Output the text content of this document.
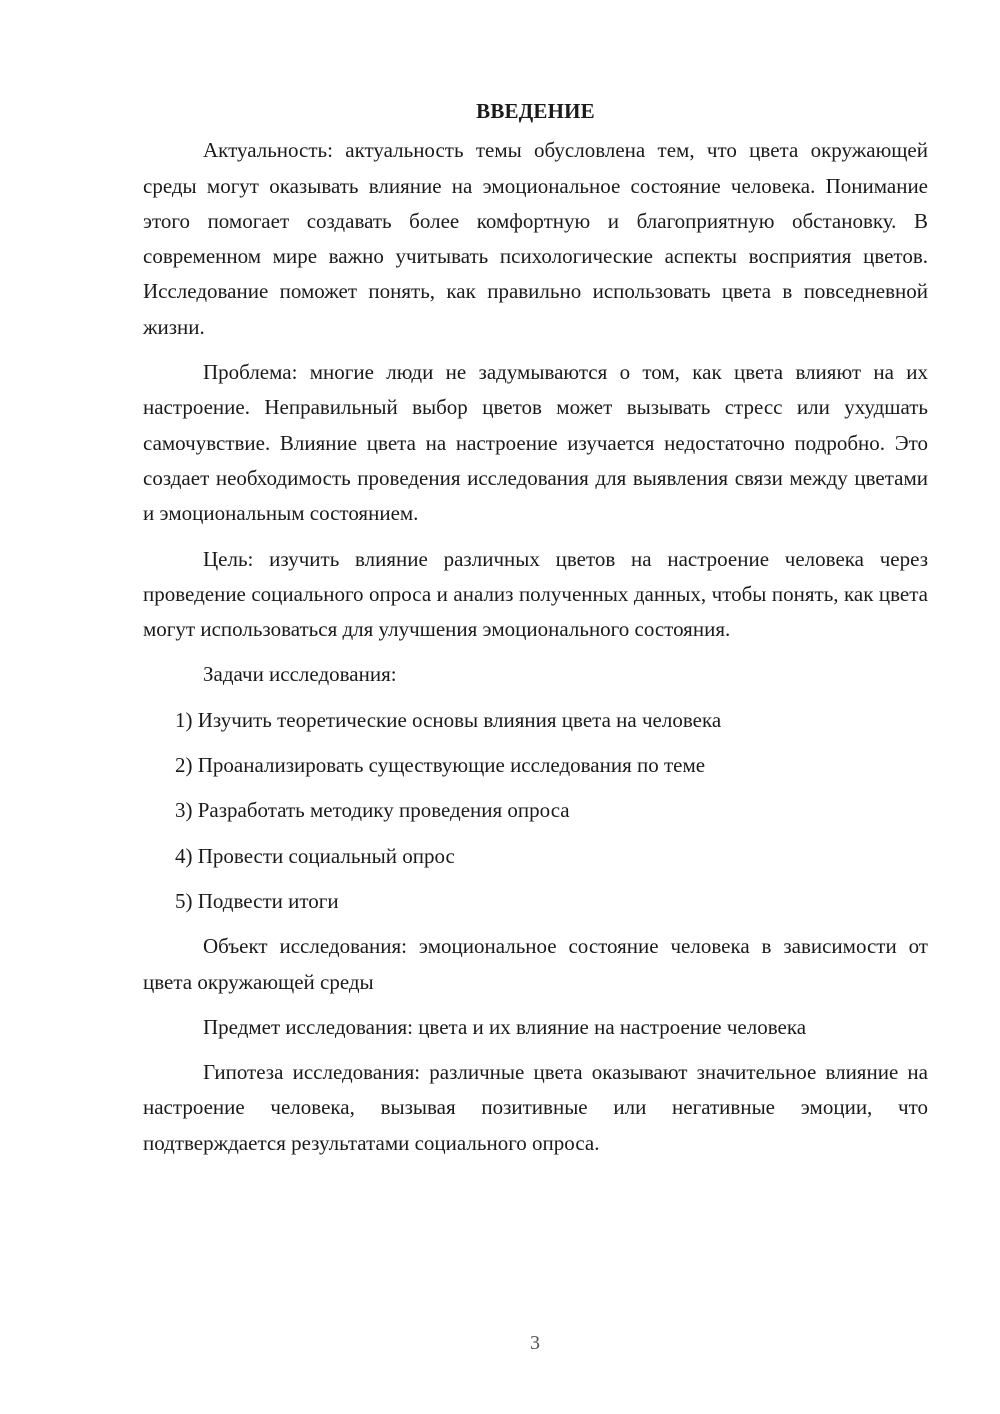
ВВЕДЕНИЕ
Актуальность: актуальность темы обусловлена тем, что цвета окружающей среды могут оказывать влияние на эмоциональное состояние человека. Понимание этого помогает создавать более комфортную и благоприятную обстановку. В современном мире важно учитывать психологические аспекты восприятия цветов. Исследование поможет понять, как правильно использовать цвета в повседневной жизни.
Проблема: многие люди не задумываются о том, как цвета влияют на их настроение. Неправильный выбор цветов может вызывать стресс или ухудшать самочувствие. Влияние цвета на настроение изучается недостаточно подробно. Это создает необходимость проведения исследования для выявления связи между цветами и эмоциональным состоянием.
Цель: изучить влияние различных цветов на настроение человека через проведение социального опроса и анализ полученных данных, чтобы понять, как цвета могут использоваться для улучшения эмоционального состояния.
Задачи исследования:
1) Изучить теоретические основы влияния цвета на человека
2) Проанализировать существующие исследования по теме
3) Разработать методику проведения опроса
4) Провести социальный опрос
5) Подвести итоги
Объект исследования: эмоциональное состояние человека в зависимости от цвета окружающей среды
Предмет исследования: цвета и их влияние на настроение человека
Гипотеза исследования: различные цвета оказывают значительное влияние на настроение человека, вызывая позитивные или негативные эмоции, что подтверждается результатами социального опроса.
3
